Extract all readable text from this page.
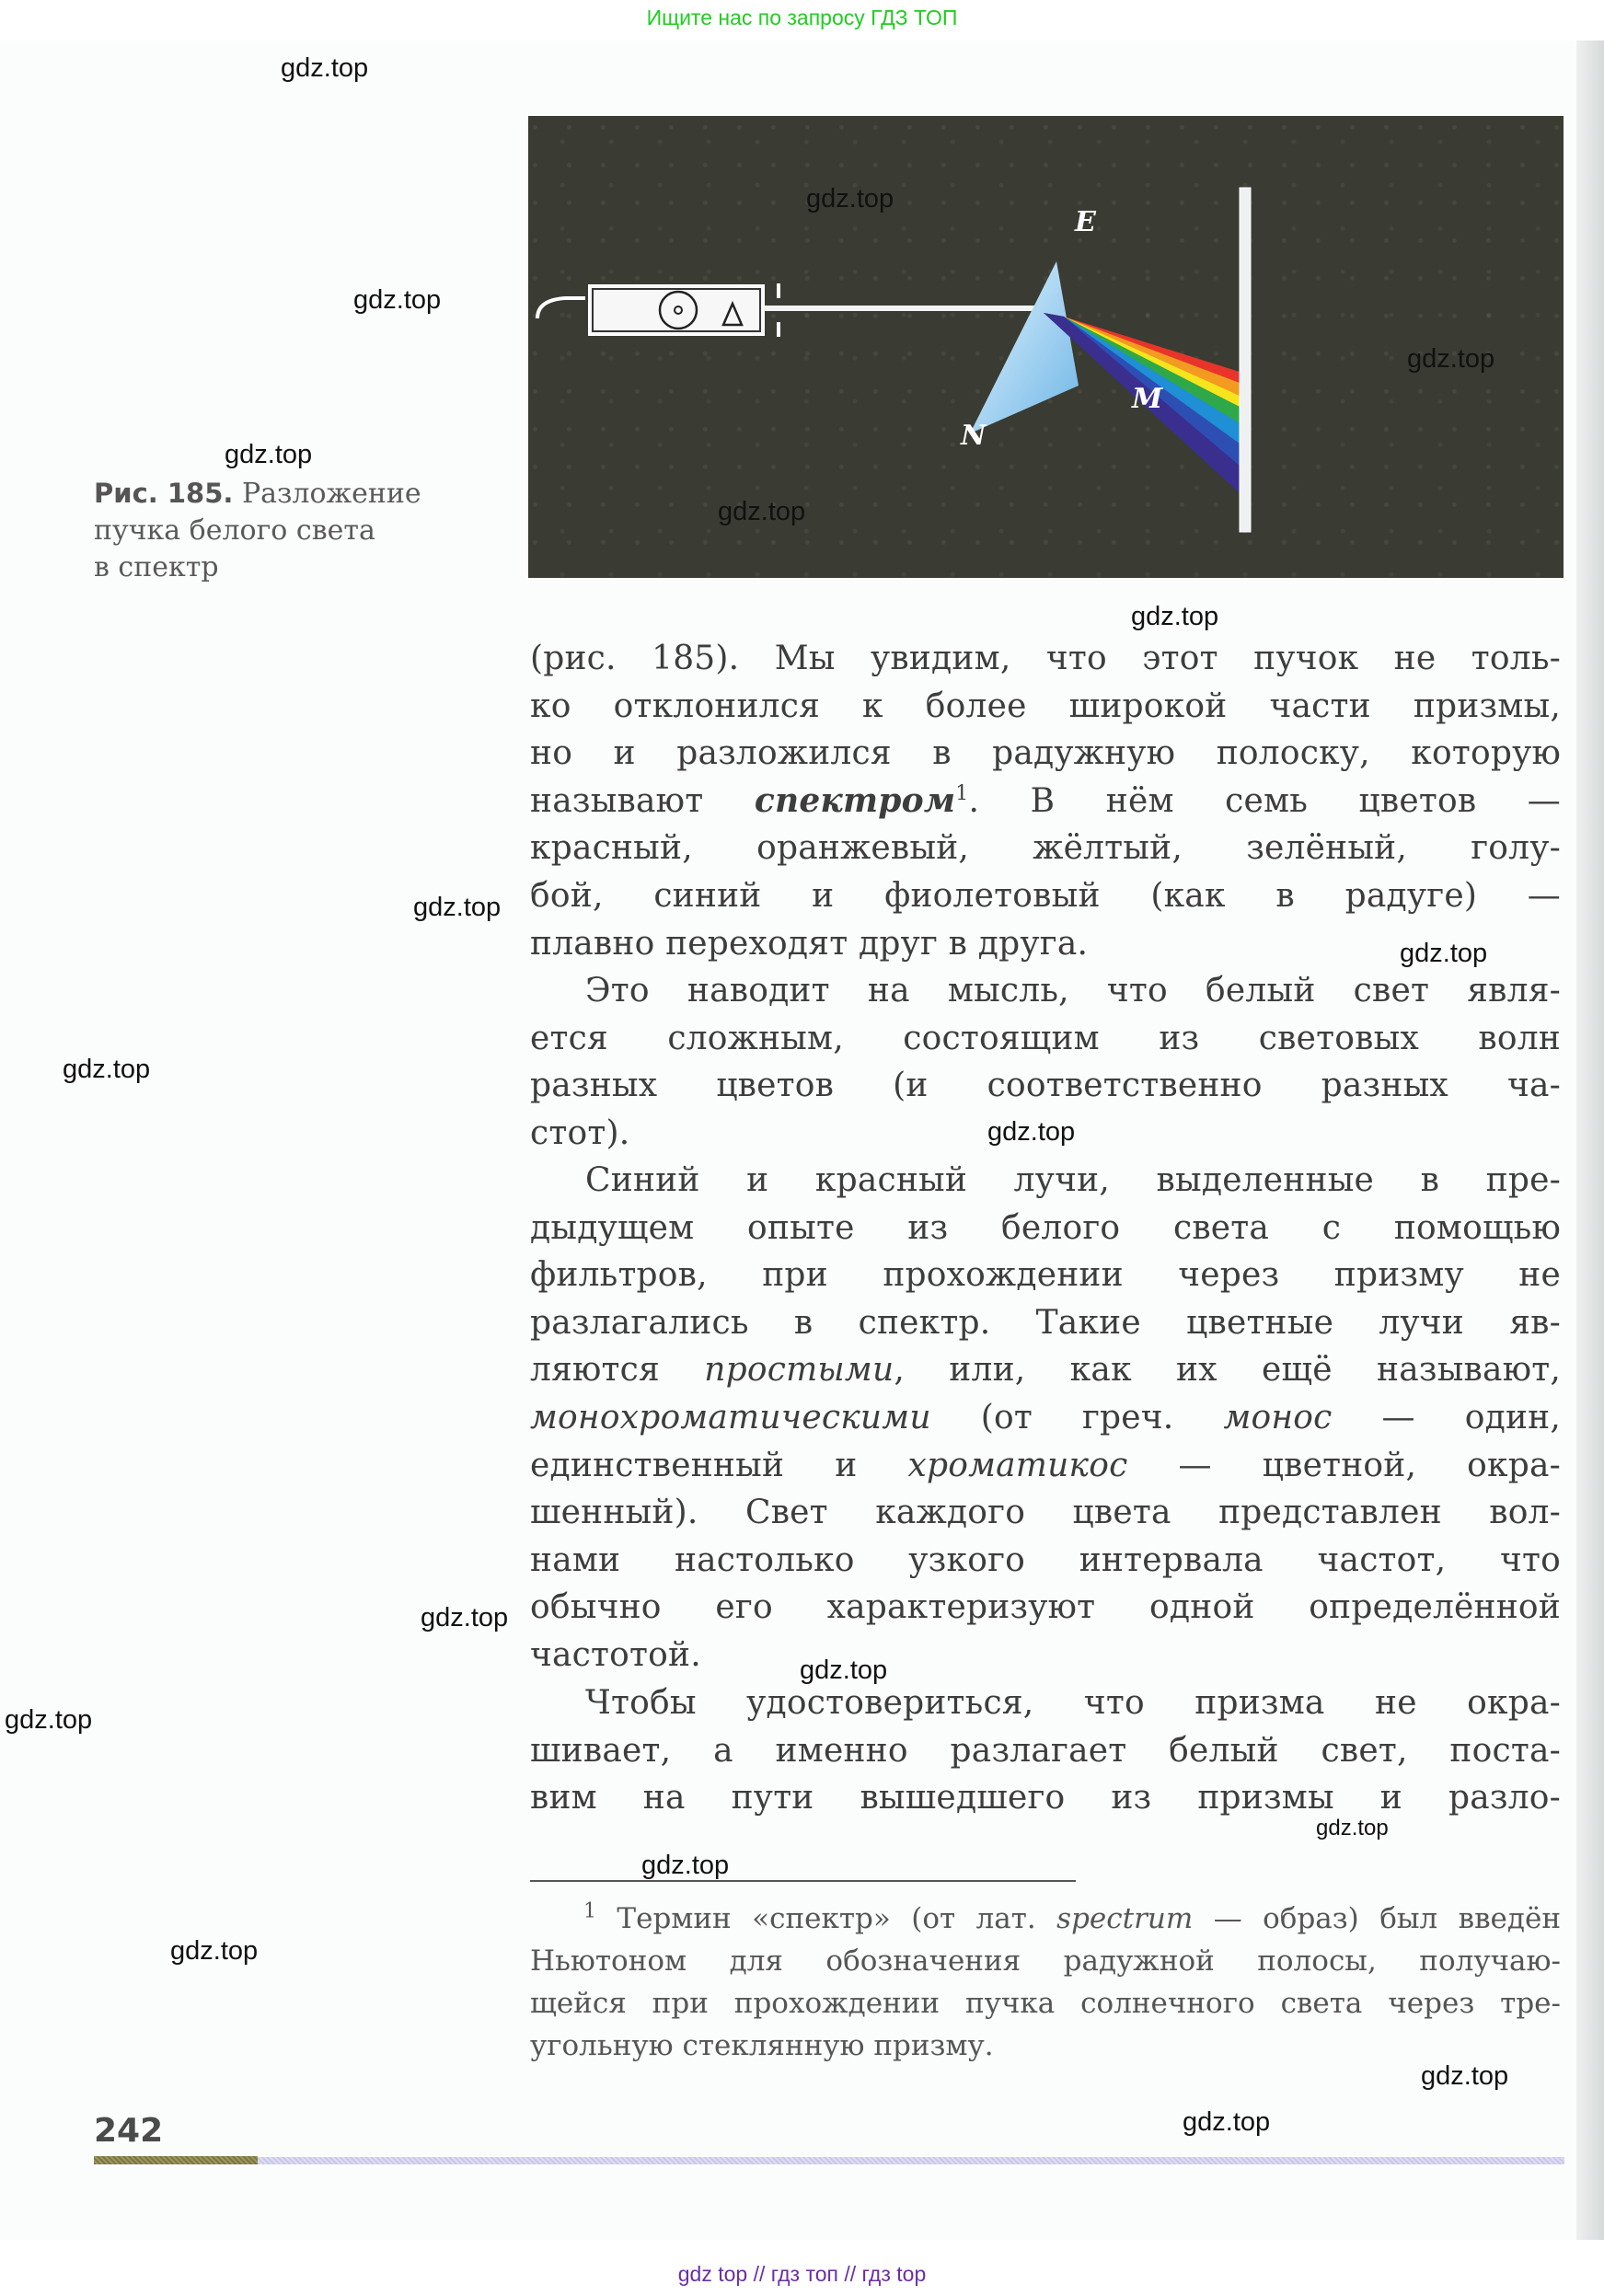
Ищите нас по запросу ГДЗ ТОП
E
M
N
Рис. 185. Разложение
пучка белого света
в спектр
(рис. 185). Мы увидим, что этот пучок не толь-
ко отклонился к более широкой части призмы,
но и разложился в радужную полоску, которую
называют спектром$^1$. В нём семь цветов —
красный, оранжевый, жёлтый, зелёный, голу-
бой, синий и фиолетовый (как в радуге) —
плавно переходят друг в друга.
Это наводит на мысль, что белый свет явля-
ется сложным, состоящим из световых волн
разных цветов (и соответственно разных ча-
стот).
Синий и красный лучи, выделенные в пре-
дыдущем опыте из белого света с помощью
фильтров, при прохождении через призму не
разлагались в спектр. Такие цветные лучи яв-
ляются простыми, или, как их ещё называют,
монохроматическими (от греч. монос — один,
единственный и хроматикос — цветной, окра-
шенный). Свет каждого цвета представлен вол-
нами настолько узкого интервала частот, что
обычно его характеризуют одной определённой
частотой.
Чтобы удостовериться, что призма не окра-
шивает, а именно разлагает белый свет, поста-
вим на пути вышедшего из призмы и разло-
$^1$ Термин «спектр» (от лат. spectrum — образ) был введён
Ньютоном для обозначения радужной полосы, получаю-
щейся при прохождении пучка солнечного света через тре-
угольную стеклянную призму.
242
gdz.top
gdz.top
gdz.top
gdz.top
gdz.top
gdz.top
gdz.top
gdz.top
gdz.top
gdz.top
gdz.top
gdz.top
gdz.top
gdz.top
gdz.top
gdz.top
gdz.top
gdz.top
gdz.top
gdz top // гдз топ // гдз top
